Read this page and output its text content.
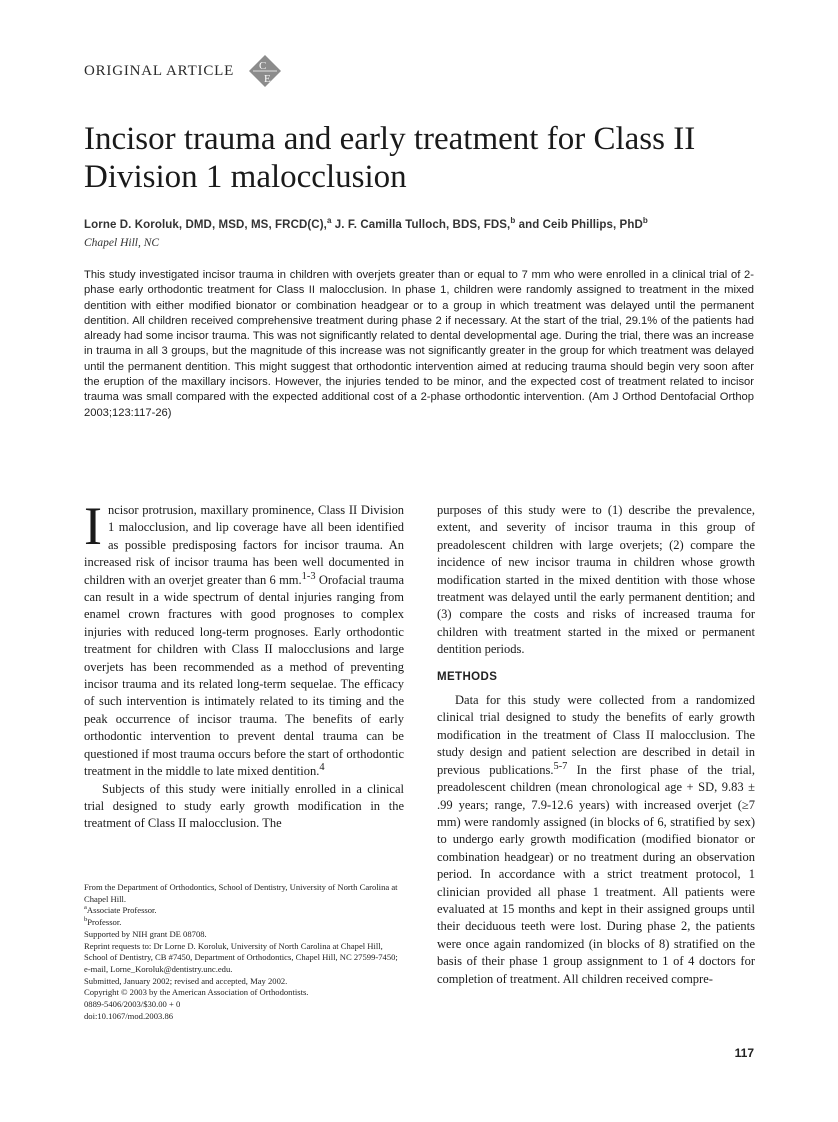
ORIGINAL ARTICLE C
E
Incisor trauma and early treatment for Class II Division 1 malocclusion
Lorne D. Koroluk, DMD, MSD, MS, FRCD(C),$^a$ J. F. Camilla Tulloch, BDS, FDS,$^b$ and Ceib Phillips, PhD$^b$
Chapel Hill, NC

This study investigated incisor trauma in children with overjets greater than or equal to 7 mm who were enrolled in a clinical trial of 2-phase early orthodontic treatment for Class II malocclusion. In phase 1, children were randomly assigned to treatment in the mixed dentition with either modified bionator or combination headgear or to a group in which treatment was delayed until the permanent dentition. All children received comprehensive treatment during phase 2 if necessary. At the start of the trial, 29.1% of the patients had already had some incisor trauma. This was not significantly related to dental developmental age. During the trial, there was an increase in trauma in all 3 groups, but the magnitude of this increase was not significantly greater in the group for which treatment was delayed until the permanent dentition. This might suggest that orthodontic intervention aimed at reducing trauma should begin very soon after the eruption of the maxillary incisors. However, the injuries tended to be minor, and the expected cost of treatment related to incisor trauma was small compared with the expected additional cost of a 2-phase orthodontic intervention. (Am J Orthod Dentofacial Orthop 2003;123:117-26)

Incisor protrusion, maxillary prominence, Class II Division 1 malocclusion, and lip coverage have all been identified as possible predisposing factors for incisor trauma. An increased risk of incisor trauma has been well documented in children with an overjet greater than 6 mm.$^{1-3}$ Orofacial trauma can result in a wide spectrum of dental injuries ranging from enamel crown fractures with good prognoses to complex injuries with reduced long-term prognoses. Early orthodontic treatment for children with Class II malocclusions and large overjets has been recommended as a method of preventing incisor trauma and its related long-term sequelae. The efficacy of such intervention is intimately related to its timing and the peak occurrence of incisor trauma. The benefits of early orthodontic intervention to prevent dental trauma can be questioned if most trauma occurs before the start of orthodontic treatment in the middle to late mixed dentition.$^4$

Subjects of this study were initially enrolled in a clinical trial designed to study early growth modification in the treatment of Class II malocclusion. The

purposes of this study were to (1) describe the prevalence, extent, and severity of incisor trauma in this group of preadolescent children with large overjets; (2) compare the incidence of new incisor trauma in children whose growth modification started in the mixed dentition with those whose treatment was delayed until the early permanent dentition; and (3) compare the costs and risks of increased trauma for children with treatment started in the mixed or permanent dentition periods.

METHODS

Data for this study were collected from a randomized clinical trial designed to study the benefits of early growth modification in the treatment of Class II malocclusion. The study design and patient selection are described in detail in previous publications.$^{5-7}$ In the first phase of the trial, preadolescent children (mean chronological age + SD, 9.83 ± .99 years; range, 7.9-12.6 years) with increased overjet (≥7 mm) were randomly assigned (in blocks of 6, stratified by sex) to undergo early growth modification (modified bionator or combination headgear) or no treatment during an observation period. In accordance with a strict treatment protocol, 1 clinician provided all phase 1 treatment. All patients were evaluated at 15 months and kept in their assigned groups until their deciduous teeth were lost. During phase 2, the patients were once again randomized (in blocks of 8) stratified on the basis of their phase 1 group assignment to 1 of 4 doctors for completion of treatment. All children received compre-

From the Department of Orthodontics, School of Dentistry, University of North Carolina at Chapel Hill.
$^a$Associate Professor.
$^b$Professor.
Supported by NIH grant DE 08708.
Reprint requests to: Dr Lorne D. Koroluk, University of North Carolina at Chapel Hill, School of Dentistry, CB #7450, Department of Orthodontics, Chapel Hill, NC 27599-7450; e-mail, Lorne_Koroluk@dentistry.unc.edu.
Submitted, January 2002; revised and accepted, May 2002.
Copyright © 2003 by the American Association of Orthodontists.
0889-5406/2003/$30.00 + 0
doi:10.1067/mod.2003.86
117
